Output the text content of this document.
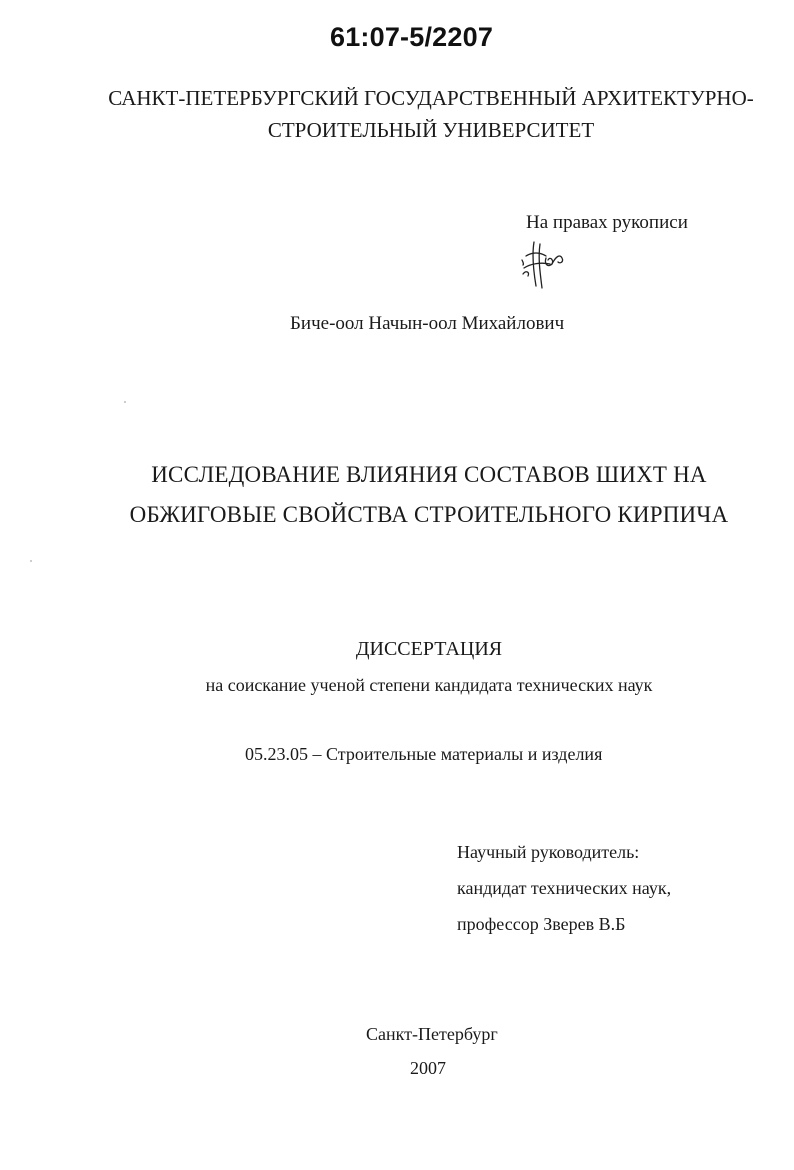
61:07-5/2207
САНКТ-ПЕТЕРБУРГСКИЙ ГОСУДАРСТВЕННЫЙ АРХИТЕКТУРНО-
СТРОИТЕЛЬНЫЙ УНИВЕРСИТЕТ
На правах рукописи
Биче-оол Начын-оол Михайлович
ИССЛЕДОВАНИЕ ВЛИЯНИЯ СОСТАВОВ ШИХТ НА
ОБЖИГОВЫЕ СВОЙСТВА СТРОИТЕЛЬНОГО КИРПИЧА
ДИССЕРТАЦИЯ
на соискание ученой степени кандидата технических наук
05.23.05 – Строительные материалы и изделия
Научный руководитель:
кандидат технических наук,
профессор Зверев В.Б
Санкт-Петербург
2007
